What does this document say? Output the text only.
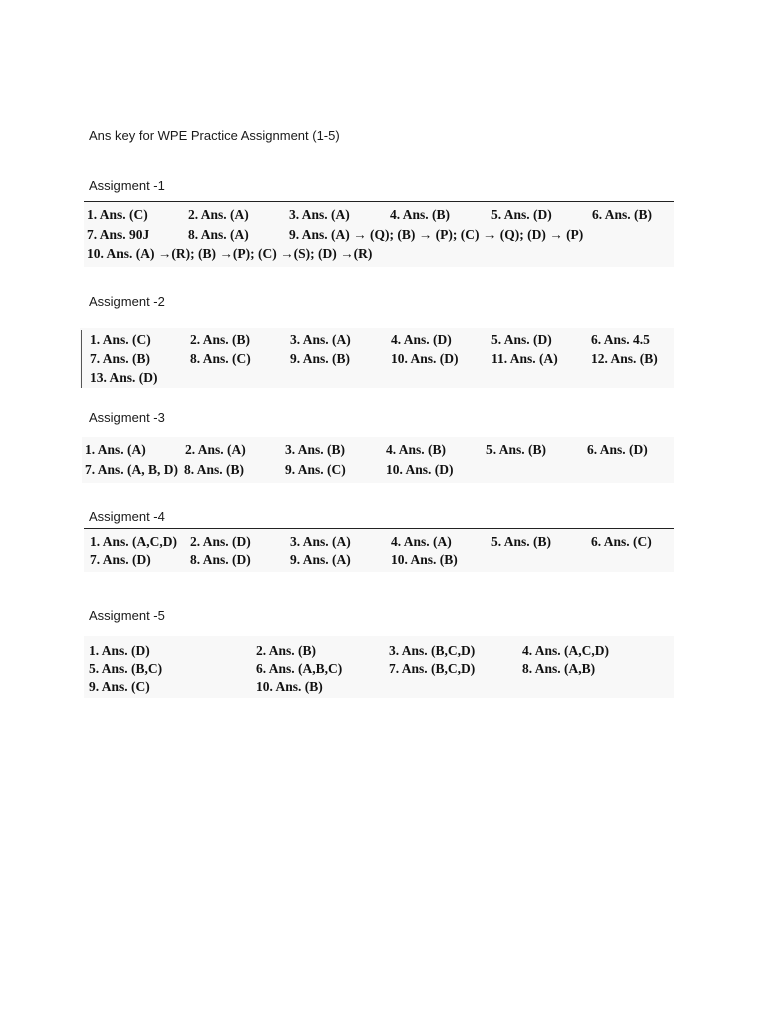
Ans key for WPE Practice Assignment (1-5)
Assigment -1
1. Ans. (C)	2. Ans. (A)	3. Ans. (A)	4. Ans. (B)	5. Ans. (D)	6. Ans. (B)
7. Ans. 90J	8. Ans. (A)	9. Ans. (A) → (Q); (B) → (P); (C) → (Q); (D) → (P)
10. Ans. (A) →(R); (B) →(P); (C) →(S); (D) →(R)
Assigment -2
1. Ans. (C)	2. Ans. (B)	3. Ans. (A)	4. Ans. (D)	5. Ans. (D)	6. Ans. 4.5
7. Ans. (B)	8. Ans. (C)	9. Ans. (B)	10. Ans. (D) 11. Ans. (A) 12. Ans. (B)
13. Ans. (D)
Assigment -3
1. Ans. (A)	2. Ans. (A)	3. Ans. (B)	4. Ans. (B)	5. Ans. (B)	6. Ans. (D)
7. Ans. (A, B, D) 8. Ans. (B)	9. Ans. (C)	10. Ans. (D)
Assigment -4
1. Ans. (A,C,D) 2. Ans. (D)	3. Ans. (A)	4. Ans. (A)	5. Ans. (B)	6. Ans. (C)
7. Ans. (D)	8. Ans. (D)	9. Ans. (A)	10. Ans. (B)
Assigment -5
1. Ans. (D)	2. Ans. (B)	3. Ans. (B,C,D)	4. Ans. (A,C,D)
5. Ans. (B,C)	6. Ans. (A,B,C)	7. Ans. (B,C,D)	8. Ans. (A,B)
9. Ans. (C)	10. Ans. (B)
